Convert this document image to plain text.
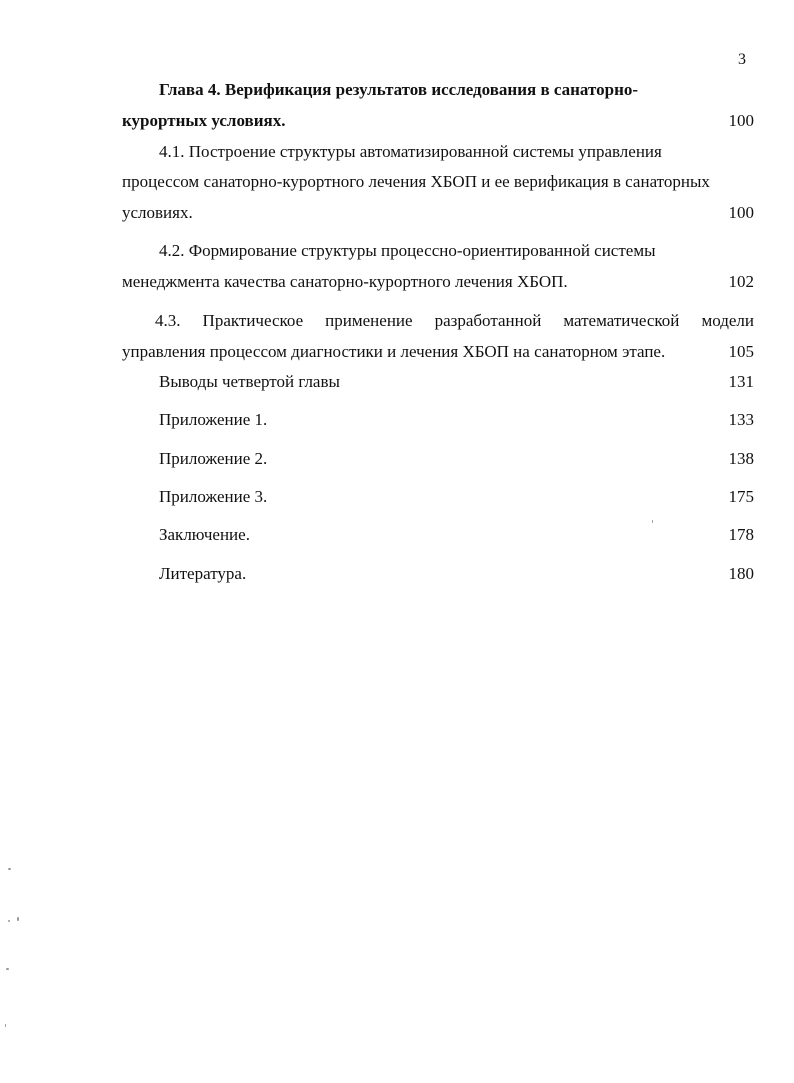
3
Глава 4. Верификация результатов исследования в санаторно-
курортных условиях.	100
4.1. Построение структуры автоматизированной системы управления
процессом санаторно-курортного лечения ХБОП и ее верификация в санаторных
условиях.	100
4.2. Формирование структуры процессно-ориентированной системы
менеджмента качества санаторно-курортного лечения ХБОП.	102
4.3. Практическое применение разработанной математической модели
управления процессом диагностики и лечения ХБОП на санаторном этапе.	105
Выводы четвертой главы	131
Приложение 1.	133
Приложение 2.	138
Приложение 3.	175
Заключение.	178
Литература.	180
